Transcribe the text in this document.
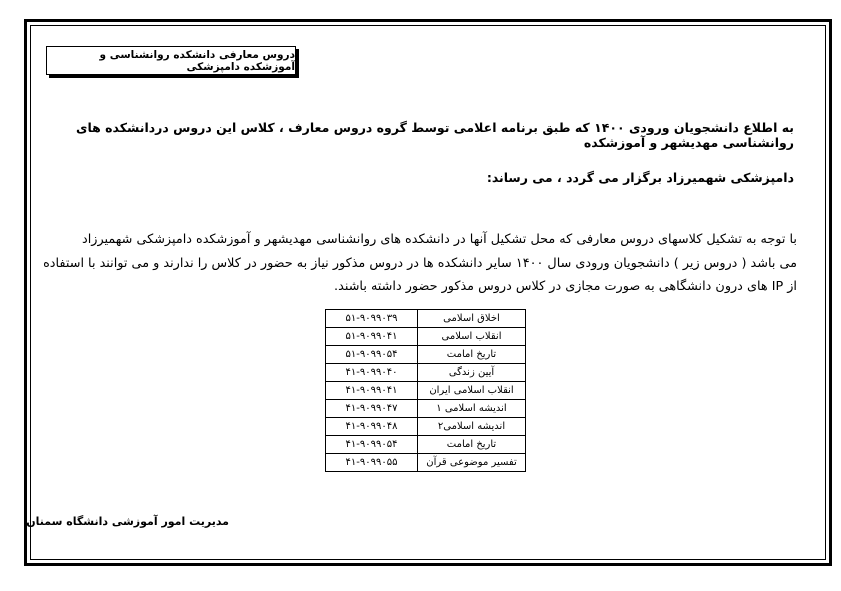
دروس معارفی دانشکده روانشناسی و آموزشکده دامپزشکی
به اطلاع دانشجویان ورودی ۱۴۰۰ که طبق برنامه اعلامی توسط گروه دروس معارف ، کلاس این دروس دردانشکده های روانشناسی مهدیشهر و آموزشکده
دامپزشکی شهمیرزاد برگزار می گردد ، می رساند:
با توجه به تشکیل کلاسهای دروس معارفی که محل تشکیل آنها در دانشکده های روانشناسی مهدیشهر و آموزشکده دامپزشکی شهمیرزاد
می باشد ( دروس زیر ) دانشجویان ورودی سال ۱۴۰۰ سایر دانشکده ها در دروس مذکور نیاز به حضور در کلاس را ندارند و می توانند با استفاده
از IP های درون دانشگاهی به صورت مجازی در کلاس دروس مذکور حضور داشته باشند.
اخلاق اسلامی	۵۱-۹۰۹۹۰۳۹
انقلاب اسلامی	۵۱-۹۰۹۹۰۴۱
تاریخ امامت	۵۱-۹۰۹۹۰۵۴
آیین زندگی	۴۱-۹۰۹۹۰۴۰
انقلاب اسلامی ایران	۴۱-۹۰۹۹۰۴۱
اندیشه اسلامی ۱	۴۱-۹۰۹۹۰۴۷
اندیشه اسلامی۲	۴۱-۹۰۹۹۰۴۸
تاریخ امامت	۴۱-۹۰۹۹۰۵۴
تفسیر موضوعی قرآن	۴۱-۹۰۹۹۰۵۵
مدیریت امور آموزشی دانشگاه سمنان
